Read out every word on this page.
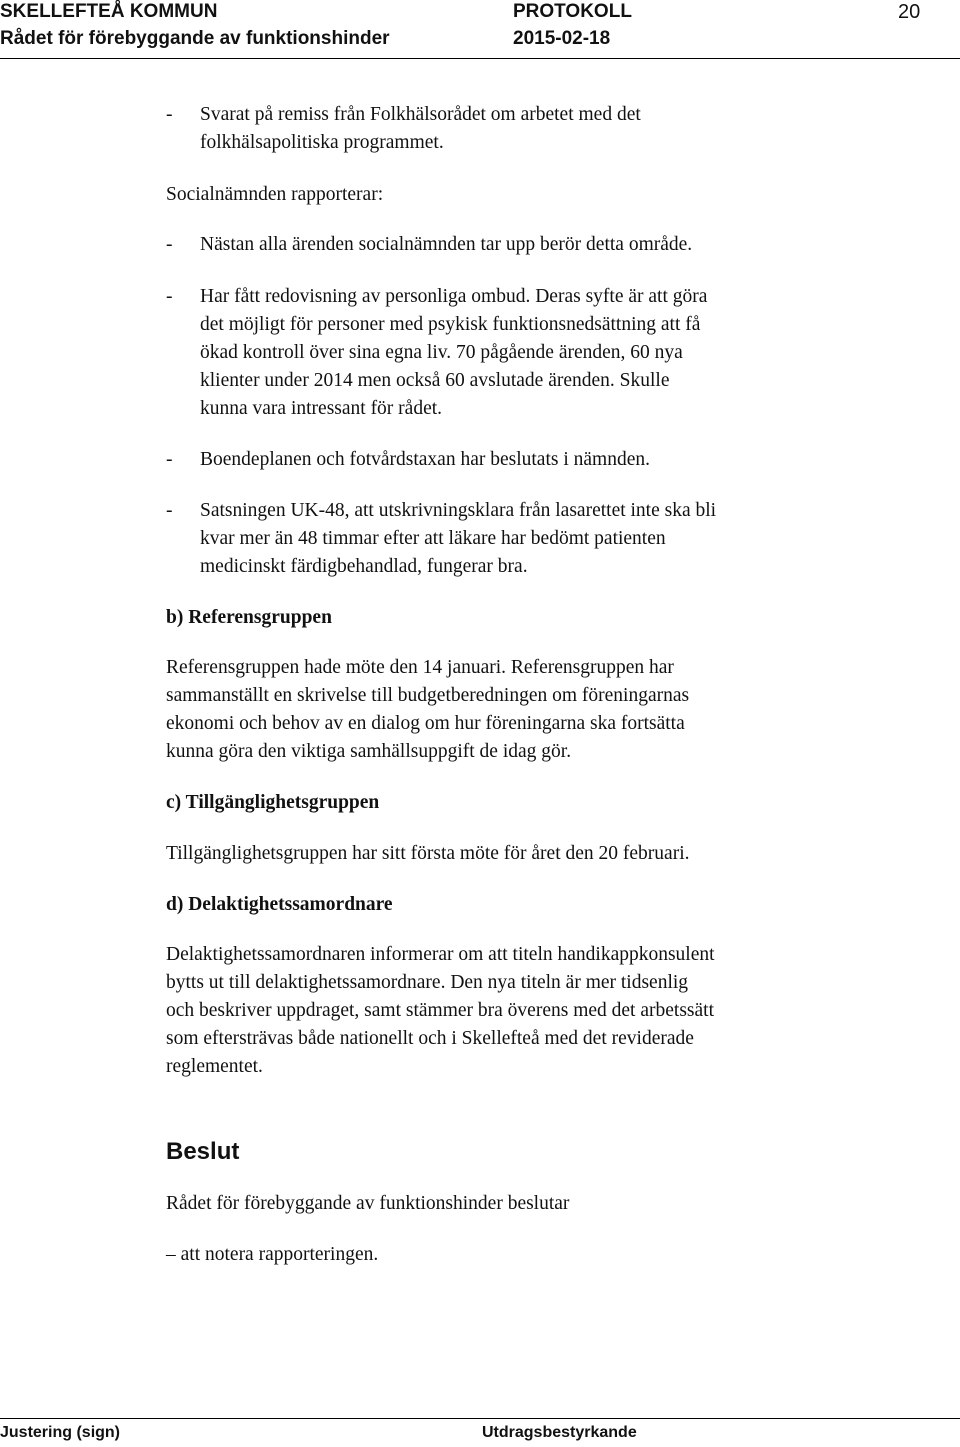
SKELLEFTEÅ KOMMUN
Rådet för förebyggande av funktionshinder
PROTOKOLL
2015-02-18
20
- Svarat på remiss från Folkhälsorådet om arbetet med det
folkhälsapolitiska programmet.
Socialnämnden rapporterar:
- Nästan alla ärenden socialnämnden tar upp berör detta område.
- Har fått redovisning av personliga ombud. Deras syfte är att göra
det möjligt för personer med psykisk funktionsnedsättning att få
ökad kontroll över sina egna liv. 70 pågående ärenden, 60 nya
klienter under 2014 men också 60 avslutade ärenden. Skulle
kunna vara intressant för rådet.
- Boendeplanen och fotvårdstaxan har beslutats i nämnden.
- Satsningen UK-48, att utskrivningsklara från lasarettet inte ska bli
kvar mer än 48 timmar efter att läkare har bedömt patienten
medicinskt färdigbehandlad, fungerar bra.
b) Referensgruppen
Referensgruppen hade möte den 14 januari. Referensgruppen har
sammanställt en skrivelse till budgetberedningen om föreningarnas
ekonomi och behov av en dialog om hur föreningarna ska fortsätta
kunna göra den viktiga samhällsuppgift de idag gör.
c) Tillgänglighetsgruppen
Tillgänglighetsgruppen har sitt första möte för året den 20 februari.
d) Delaktighetssamordnare
Delaktighetssamordnaren informerar om att titeln handikappkonsulent
bytts ut till delaktighetssamordnare. Den nya titeln är mer tidsenlig
och beskriver uppdraget, samt stämmer bra överens med det arbetssätt
som eftersträvas både nationellt och i Skellefteå med det reviderade
reglementet.
Beslut
Rådet för förebyggande av funktionshinder beslutar
– att notera rapporteringen.
Justering (sign)	Utdragsbestyrkande
